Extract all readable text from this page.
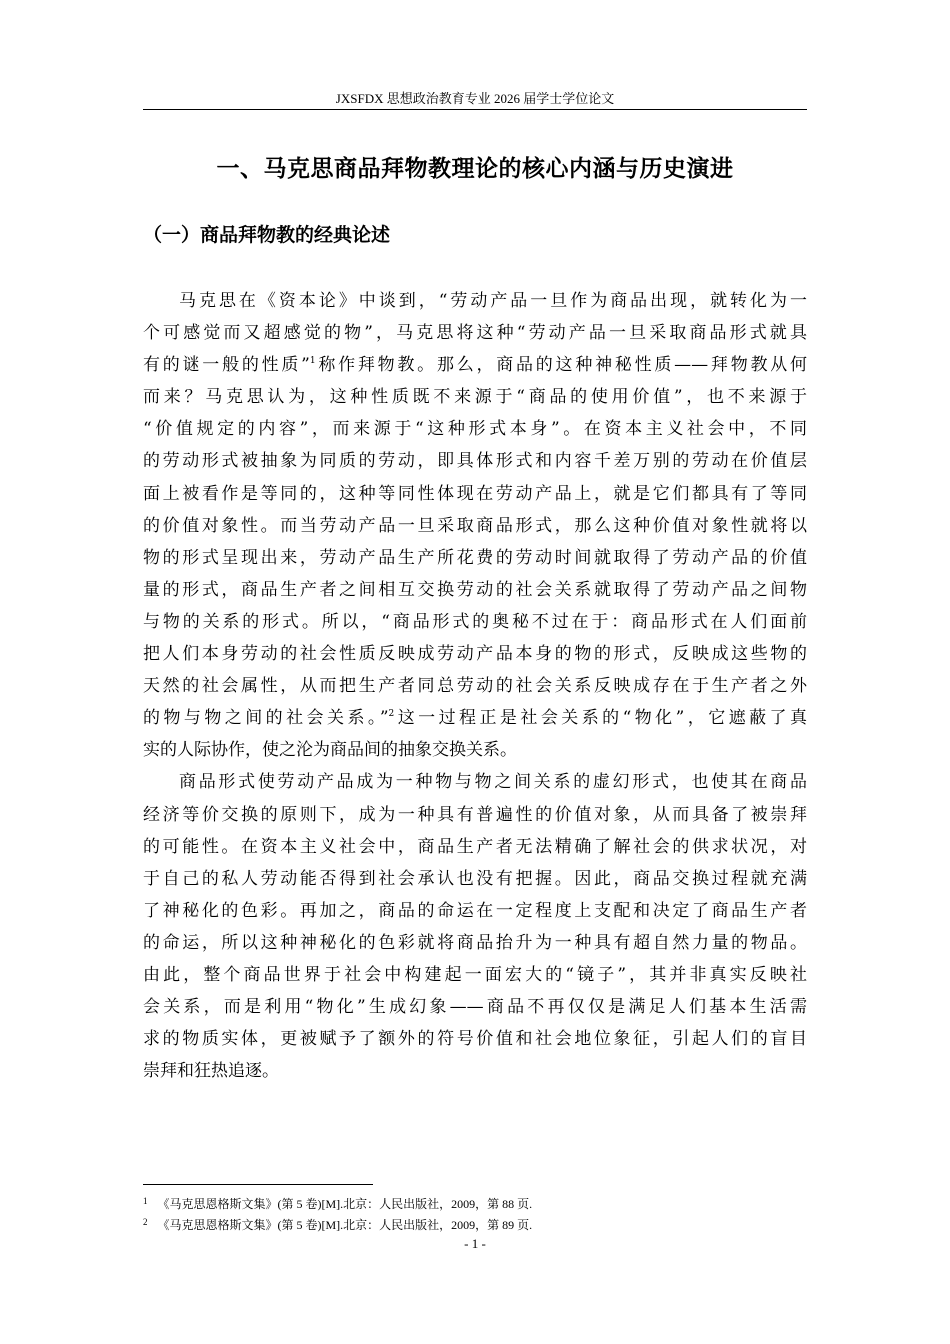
JXSFDX 思想政治教育专业 2026 届学士学位论文
一、马克思商品拜物教理论的核心内涵与历史演进
（一）商品拜物教的经典论述
马克思在《资本论》中谈到，“劳动产品一旦作为商品出现，就转化为一
个可感觉而又超感觉的物”，马克思将这种“劳动产品一旦采取商品形式就具
有的谜一般的性质”$^1$称作拜物教。那么，商品的这种神秘性质——拜物教从何
而来？马克思认为，这种性质既不来源于“商品的使用价值”，也不来源于
“价值规定的内容”，而来源于“这种形式本身”。在资本主义社会中，不同
的劳动形式被抽象为同质的劳动，即具体形式和内容千差万别的劳动在价值层
面上被看作是等同的，这种等同性体现在劳动产品上，就是它们都具有了等同
的价值对象性。而当劳动产品一旦采取商品形式，那么这种价值对象性就将以
物的形式呈现出来，劳动产品生产所花费的劳动时间就取得了劳动产品的价值
量的形式，商品生产者之间相互交换劳动的社会关系就取得了劳动产品之间物
与物的关系的形式。所以，“商品形式的奥秘不过在于：商品形式在人们面前
把人们本身劳动的社会性质反映成劳动产品本身的物的形式，反映成这些物的
天然的社会属性，从而把生产者同总劳动的社会关系反映成存在于生产者之外
的物与物之间的社会关系。”$^2$这一过程正是社会关系的“物化”，它遮蔽了真
实的人际协作，使之沦为商品间的抽象交换关系。
商品形式使劳动产品成为一种物与物之间关系的虚幻形式，也使其在商品
经济等价交换的原则下，成为一种具有普遍性的价值对象，从而具备了被崇拜
的可能性。在资本主义社会中，商品生产者无法精确了解社会的供求状况，对
于自己的私人劳动能否得到社会承认也没有把握。因此，商品交换过程就充满
了神秘化的色彩。再加之，商品的命运在一定程度上支配和决定了商品生产者
的命运，所以这种神秘化的色彩就将商品抬升为一种具有超自然力量的物品。
由此，整个商品世界于社会中构建起一面宏大的“镜子”，其并非真实反映社
会关系，而是利用“物化”生成幻象——商品不再仅仅是满足人们基本生活需
求的物质实体，更被赋予了额外的符号价值和社会地位象征，引起人们的盲目
崇拜和狂热追逐。
$^1$ 《马克思恩格斯文集》(第 5 卷)[M].北京：人民出版社，2009，第 88 页.
$^2$ 《马克思恩格斯文集》(第 5 卷)[M].北京：人民出版社，2009，第 89 页.
- 1 -
